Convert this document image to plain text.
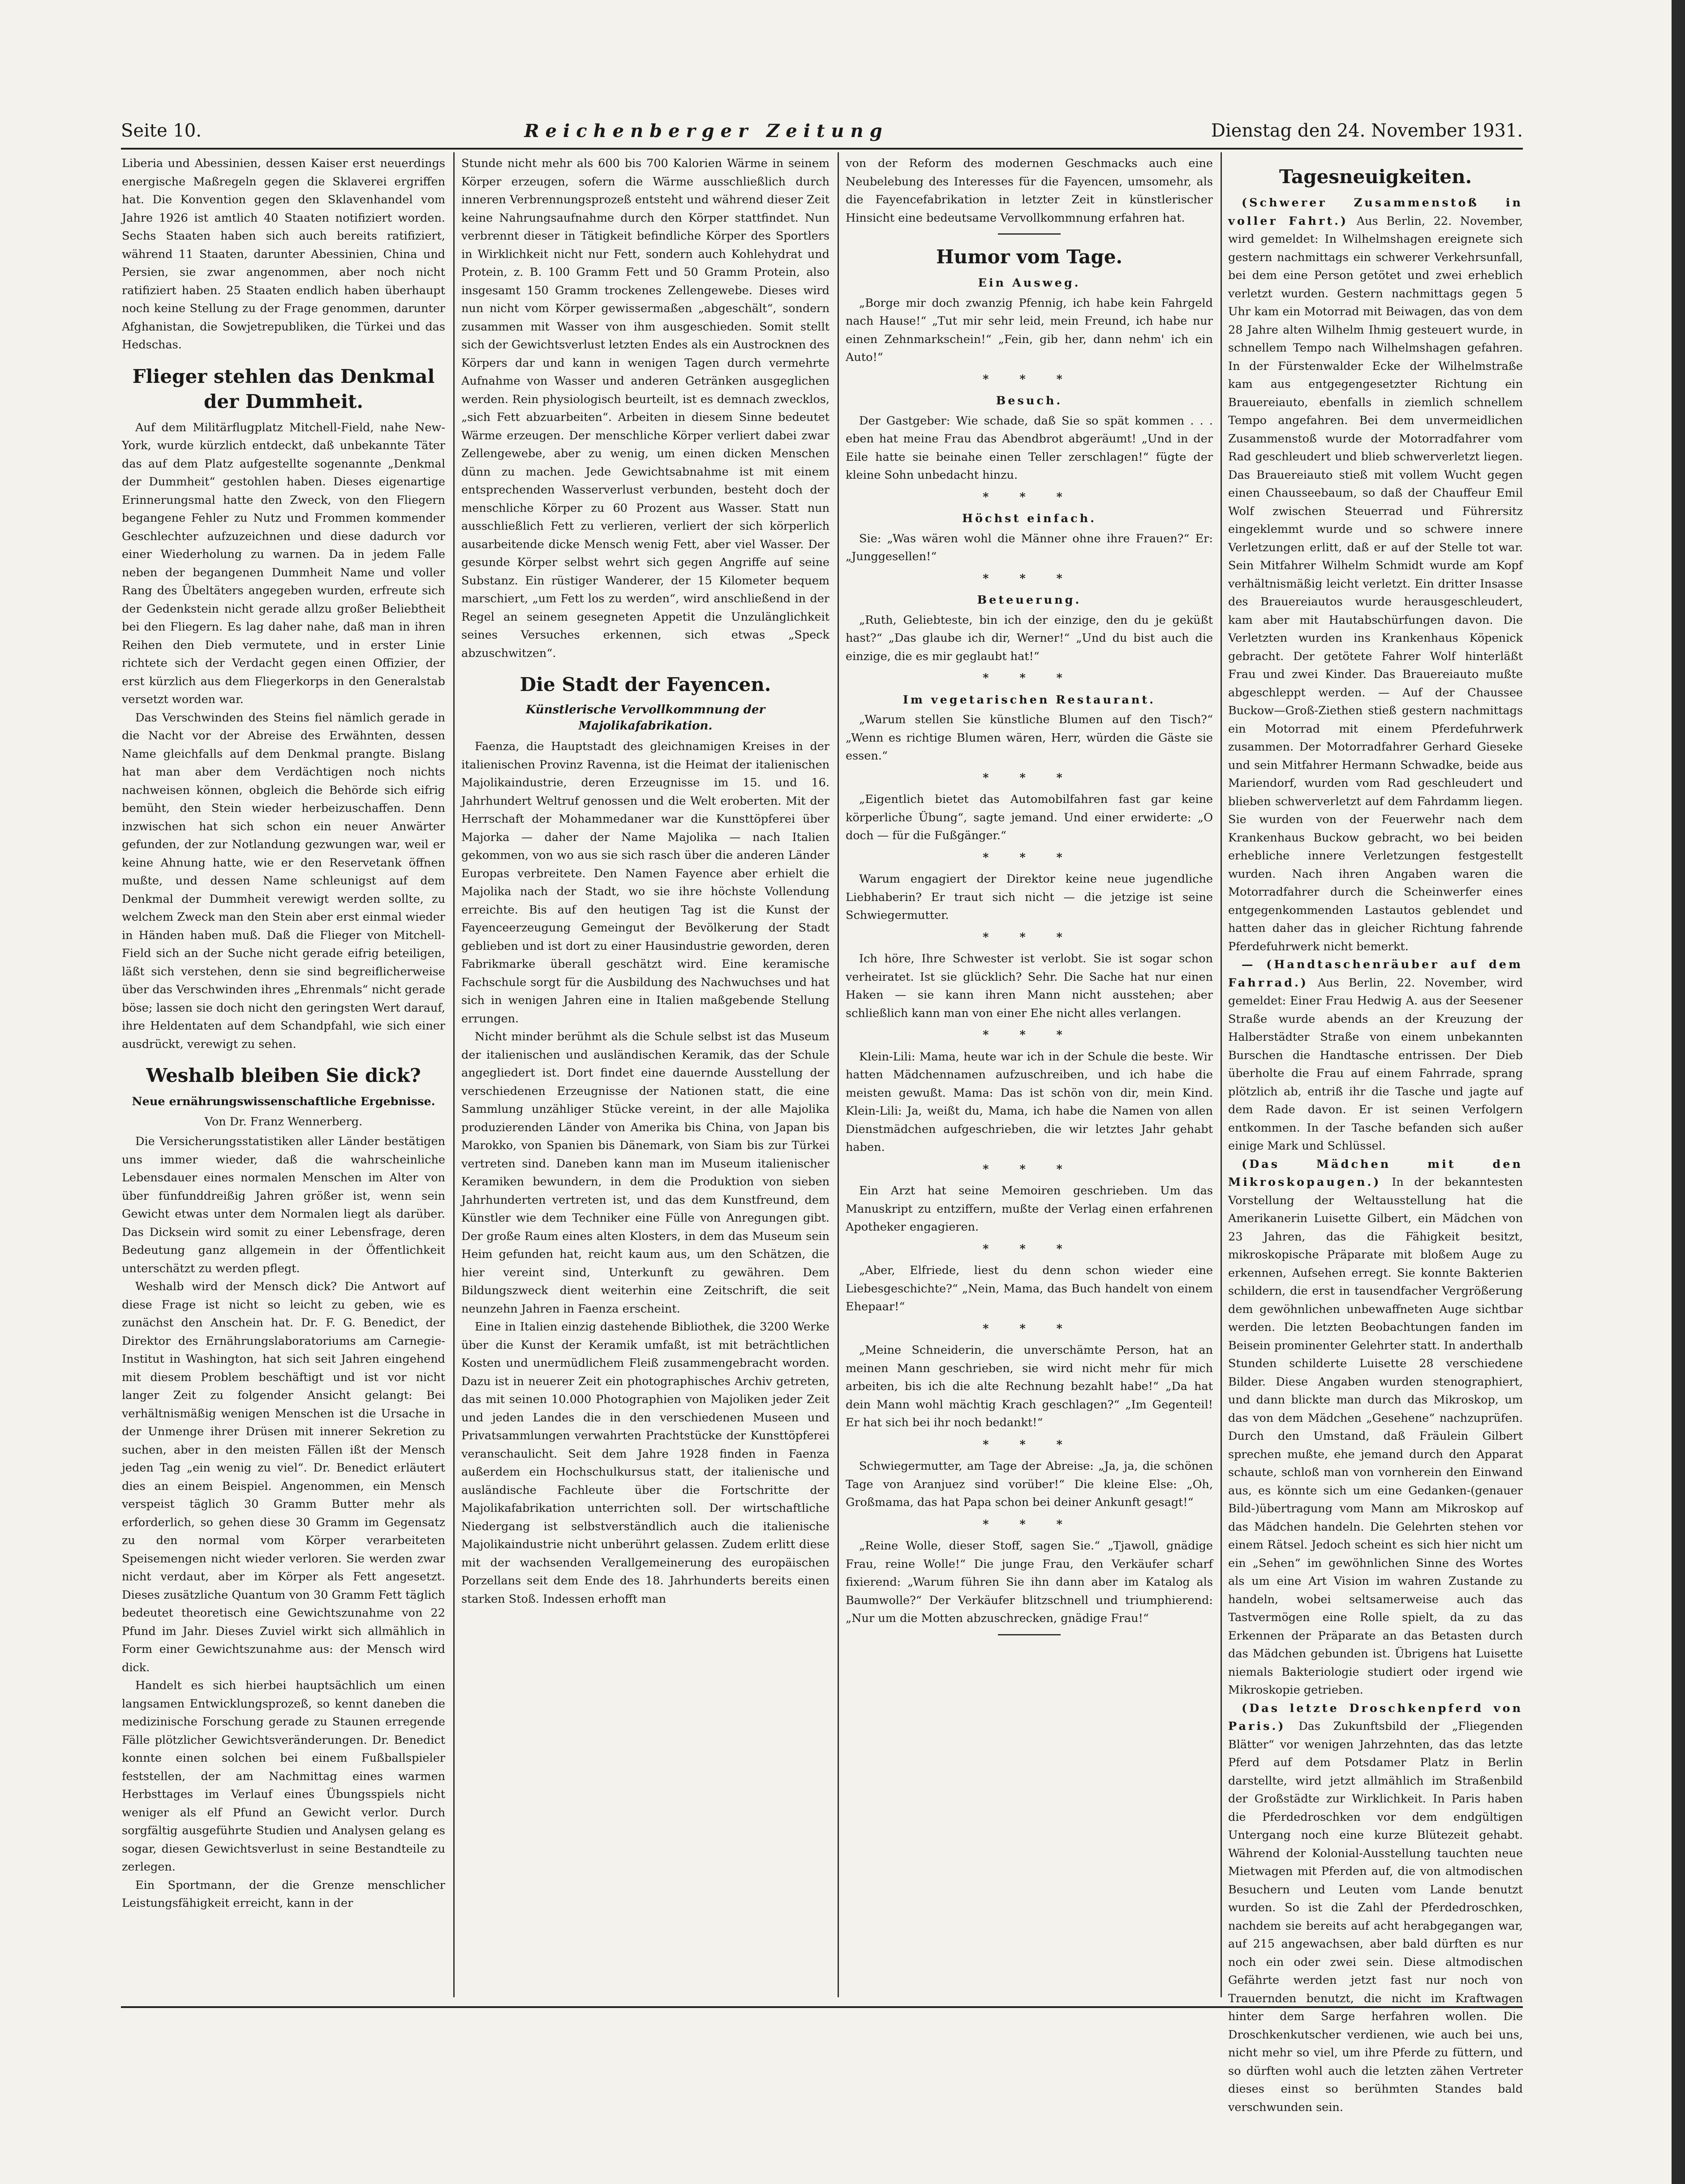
Seite 10.	Reichenberger Zeitung	Dienstag den 24. November 1931.

Liberia und Abessinien, dessen Kaiser erst neuerdings energische Maßregeln gegen die Sklaverei ergriffen hat. Die Konvention gegen den Sklavenhandel vom Jahre 1926 ist amtlich 40 Staaten notifiziert worden. Sechs Staaten haben sich auch bereits ratifiziert, während 11 Staaten, darunter Abessinien, China und Persien, sie zwar angenommen, aber noch nicht ratifiziert haben. 25 Staaten endlich haben überhaupt noch keine Stellung zu der Frage genommen, darunter Afghanistan, die Sowjetrepubliken, die Türkei und das Hedschas.

Flieger stehlen das Denkmal der Dummheit.

Auf dem Militärflugplatz Mitchell-Field, nahe New-York, wurde kürzlich entdeckt, daß unbekannte Täter das auf dem Platz aufgestellte sogenannte „Denkmal der Dummheit“ gestohlen haben. Dieses eigenartige Erinnerungsmal hatte den Zweck, von den Fliegern begangene Fehler zu Nutz und Frommen kommender Geschlechter aufzuzeichnen und diese dadurch vor einer Wiederholung zu warnen. Da in jedem Falle neben der begangenen Dummheit Name und voller Rang des Übeltäters angegeben wurden, erfreute sich der Gedenkstein nicht gerade allzu großer Beliebtheit bei den Fliegern. Es lag daher nahe, daß man in ihren Reihen den Dieb vermutete, und in erster Linie richtete sich der Verdacht gegen einen Offizier, der erst kürzlich aus dem Fliegerkorps in den Generalstab versetzt worden war.

Das Verschwinden des Steins fiel nämlich gerade in die Nacht vor der Abreise des Erwähnten, dessen Name gleichfalls auf dem Denkmal prangte. Bislang hat man aber dem Verdächtigen noch nichts nachweisen können, obgleich die Behörde sich eifrig bemüht, den Stein wieder herbeizuschaffen. Denn inzwischen hat sich schon ein neuer Anwärter gefunden, der zur Notlandung gezwungen war, weil er keine Ahnung hatte, wie er den Reservetank öffnen mußte, und dessen Name schleunigst auf dem Denkmal der Dummheit verewigt werden sollte, zu welchem Zweck man den Stein aber erst einmal wieder in Händen haben muß. Daß die Flieger von Mitchell-Field sich an der Suche nicht gerade eifrig beteiligen, läßt sich verstehen, denn sie sind begreiflicherweise über das Verschwinden ihres „Ehrenmals“ nicht gerade böse; lassen sie doch nicht den geringsten Wert darauf, ihre Heldentaten auf dem Schandpfahl, wie sich einer ausdrückt, verewigt zu sehen.

Weshalb bleiben Sie dick?
Neue ernährungswissenschaftliche Ergebnisse.
Von Dr. Franz Wennerberg.

Die Versicherungsstatistiken aller Länder bestätigen uns immer wieder, daß die wahrscheinliche Lebensdauer eines normalen Menschen im Alter von über fünfunddreißig Jahren größer ist, wenn sein Gewicht etwas unter dem Normalen liegt als darüber. Das Dicksein wird somit zu einer Lebensfrage, deren Bedeutung ganz allgemein in der Öffentlichkeit unterschätzt zu werden pflegt.

Weshalb wird der Mensch dick? Die Antwort auf diese Frage ist nicht so leicht zu geben, wie es zunächst den Anschein hat. Dr. F. G. Benedict, der Direktor des Ernährungslaboratoriums am Carnegie-Institut in Washington, hat sich seit Jahren eingehend mit diesem Problem beschäftigt und ist vor nicht langer Zeit zu folgender Ansicht gelangt: Bei verhältnismäßig wenigen Menschen ist die Ursache in der Unmenge ihrer Drüsen mit innerer Sekretion zu suchen, aber in den meisten Fällen ißt der Mensch jeden Tag „ein wenig zu viel“. Dr. Benedict erläutert dies an einem Beispiel. Angenommen, ein Mensch verspeist täglich 30 Gramm Butter mehr als erforderlich, so gehen diese 30 Gramm im Gegensatz zu den normal vom Körper verarbeiteten Speisemengen nicht wieder verloren. Sie werden zwar nicht verdaut, aber im Körper als Fett angesetzt. Dieses zusätzliche Quantum von 30 Gramm Fett täglich bedeutet theoretisch eine Gewichtszunahme von 22 Pfund im Jahr. Dieses Zuviel wirkt sich allmählich in Form einer Gewichtszunahme aus: der Mensch wird dick.

Handelt es sich hierbei hauptsächlich um einen langsamen Entwicklungsprozeß, so kennt daneben die medizinische Forschung gerade zu Staunen erregende Fälle plötzlicher Gewichtsveränderungen. Dr. Benedict konnte einen solchen bei einem Fußballspieler feststellen, der am Nachmittag eines warmen Herbsttages im Verlauf eines Übungsspiels nicht weniger als elf Pfund an Gewicht verlor. Durch sorgfältig ausgeführte Studien und Analysen gelang es sogar, diesen Gewichtsverlust in seine Bestandteile zu zerlegen.

Ein Sportmann, der die Grenze menschlicher Leistungsfähigkeit erreicht, kann in der

Stunde nicht mehr als 600 bis 700 Kalorien Wärme in seinem Körper erzeugen, sofern die Wärme ausschließlich durch inneren Verbrennungsprozeß entsteht und während dieser Zeit keine Nahrungsaufnahme durch den Körper stattfindet. Nun verbrennt dieser in Tätigkeit befindliche Körper des Sportlers in Wirklichkeit nicht nur Fett, sondern auch Kohlehydrat und Protein, z. B. 100 Gramm Fett und 50 Gramm Protein, also insgesamt 150 Gramm trockenes Zellengewebe. Dieses wird nun nicht vom Körper gewissermaßen „abgeschält“, sondern zusammen mit Wasser von ihm ausgeschieden. Somit stellt sich der Gewichtsverlust letzten Endes als ein Austrocknen des Körpers dar und kann in wenigen Tagen durch vermehrte Aufnahme von Wasser und anderen Getränken ausgeglichen werden. Rein physiologisch beurteilt, ist es demnach zwecklos, „sich Fett abzuarbeiten“. Arbeiten in diesem Sinne bedeutet Wärme erzeugen. Der menschliche Körper verliert dabei zwar Zellengewebe, aber zu wenig, um einen dicken Menschen dünn zu machen. Jede Gewichtsabnahme ist mit einem entsprechenden Wasserverlust verbunden, besteht doch der menschliche Körper zu 60 Prozent aus Wasser. Statt nun ausschließlich Fett zu verlieren, verliert der sich körperlich ausarbeitende dicke Mensch wenig Fett, aber viel Wasser. Der gesunde Körper selbst wehrt sich gegen Angriffe auf seine Substanz. Ein rüstiger Wanderer, der 15 Kilometer bequem marschiert, „um Fett los zu werden“, wird anschließend in der Regel an seinem gesegneten Appetit die Unzulänglichkeit seines Versuches erkennen, sich etwas „Speck abzuschwitzen“.

Die Stadt der Fayencen.
Künstlerische Vervollkommnung der Majolikafabrikation.

Faenza, die Hauptstadt des gleichnamigen Kreises in der italienischen Provinz Ravenna, ist die Heimat der italienischen Majolikaindustrie, deren Erzeugnisse im 15. und 16. Jahrhundert Weltruf genossen und die Welt eroberten. Mit der Herrschaft der Mohammedaner war die Kunsttöpferei über Majorka — daher der Name Majolika — nach Italien gekommen, von wo aus sie sich rasch über die anderen Länder Europas verbreitete. Den Namen Fayence aber erhielt die Majolika nach der Stadt, wo sie ihre höchste Vollendung erreichte. Bis auf den heutigen Tag ist die Kunst der Fayenceerzeugung Gemeingut der Bevölkerung der Stadt geblieben und ist dort zu einer Hausindustrie geworden, deren Fabrikmarke überall geschätzt wird. Eine keramische Fachschule sorgt für die Ausbildung des Nachwuchses und hat sich in wenigen Jahren eine in Italien maßgebende Stellung errungen.

Nicht minder berühmt als die Schule selbst ist das Museum der italienischen und ausländischen Keramik, das der Schule angegliedert ist. Dort findet eine dauernde Ausstellung der verschiedenen Erzeugnisse der Nationen statt, die eine Sammlung unzähliger Stücke vereint, in der alle Majolika produzierenden Länder von Amerika bis China, von Japan bis Marokko, von Spanien bis Dänemark, von Siam bis zur Türkei vertreten sind. Daneben kann man im Museum italienischer Keramiken bewundern, in dem die Produktion von sieben Jahrhunderten vertreten ist, und das dem Kunstfreund, dem Künstler wie dem Techniker eine Fülle von Anregungen gibt. Der große Raum eines alten Klosters, in dem das Museum sein Heim gefunden hat, reicht kaum aus, um den Schätzen, die hier vereint sind, Unterkunft zu gewähren. Dem Bildungszweck dient weiterhin eine Zeitschrift, die seit neunzehn Jahren in Faenza erscheint.

Eine in Italien einzig dastehende Bibliothek, die 3200 Werke über die Kunst der Keramik umfaßt, ist mit beträchtlichen Kosten und unermüdlichem Fleiß zusammengebracht worden. Dazu ist in neuerer Zeit ein photographisches Archiv getreten, das mit seinen 10.000 Photographien von Majoliken jeder Zeit und jeden Landes die in den verschiedenen Museen und Privatsammlungen verwahrten Prachtstücke der Kunsttöpferei veranschaulicht. Seit dem Jahre 1928 finden in Faenza außerdem ein Hochschulkursus statt, der italienische und ausländische Fachleute über die Fortschritte der Majolikafabrikation unterrichten soll. Der wirtschaftliche Niedergang ist selbstverständlich auch die italienische Majolikaindustrie nicht unberührt gelassen. Zudem erlitt diese mit der wachsenden Verallgemeinerung des europäischen Porzellans seit dem Ende des 18. Jahrhunderts bereits einen starken Stoß. Indessen erhofft man

von der Reform des modernen Geschmacks auch eine Neubelebung des Interesses für die Fayencen, umsomehr, als die Fayencefabrikation in letzter Zeit in künstlerischer Hinsicht eine bedeutsame Vervollkommnung erfahren hat.

Humor vom Tage.
Ein Ausweg.

„Borge mir doch zwanzig Pfennig, ich habe kein Fahrgeld nach Hause!“ „Tut mir sehr leid, mein Freund, ich habe nur einen Zehnmarkschein!“ „Fein, gib her, dann nehm' ich ein Auto!“

* * *
Besuch.

Der Gastgeber: Wie schade, daß Sie so spät kommen . . . eben hat meine Frau das Abendbrot abgeräumt! „Und in der Eile hatte sie beinahe einen Teller zerschlagen!“ fügte der kleine Sohn unbedacht hinzu.

* * *
Höchst einfach.

Sie: „Was wären wohl die Männer ohne ihre Frauen?“ Er: „Junggesellen!“

* * *
Beteuerung.

„Ruth, Geliebteste, bin ich der einzige, den du je geküßt hast?“ „Das glaube ich dir, Werner!“ „Und du bist auch die einzige, die es mir geglaubt hat!“

* * *
Im vegetarischen Restaurant.

„Warum stellen Sie künstliche Blumen auf den Tisch?“ „Wenn es richtige Blumen wären, Herr, würden die Gäste sie essen.“

* * *

„Eigentlich bietet das Automobilfahren fast gar keine körperliche Übung“, sagte jemand. Und einer erwiderte: „O doch — für die Fußgänger.“

* * *

Warum engagiert der Direktor keine neue jugendliche Liebhaberin? Er traut sich nicht — die jetzige ist seine Schwiegermutter.

* * *

Ich höre, Ihre Schwester ist verlobt. Sie ist sogar schon verheiratet. Ist sie glücklich? Sehr. Die Sache hat nur einen Haken — sie kann ihren Mann nicht ausstehen; aber schließlich kann man von einer Ehe nicht alles verlangen.

* * *

Klein-Lili: Mama, heute war ich in der Schule die beste. Wir hatten Mädchennamen aufzuschreiben, und ich habe die meisten gewußt. Mama: Das ist schön von dir, mein Kind. Klein-Lili: Ja, weißt du, Mama, ich habe die Namen von allen Dienstmädchen aufgeschrieben, die wir letztes Jahr gehabt haben.

* * *

Ein Arzt hat seine Memoiren geschrieben. Um das Manuskript zu entziffern, mußte der Verlag einen erfahrenen Apotheker engagieren.

* * *

„Aber, Elfriede, liest du denn schon wieder eine Liebesgeschichte?“ „Nein, Mama, das Buch handelt von einem Ehepaar!“

* * *

„Meine Schneiderin, die unverschämte Person, hat an meinen Mann geschrieben, sie wird nicht mehr für mich arbeiten, bis ich die alte Rechnung bezahlt habe!“ „Da hat dein Mann wohl mächtig Krach geschlagen?“ „Im Gegenteil! Er hat sich bei ihr noch bedankt!“

* * *

Schwiegermutter, am Tage der Abreise: „Ja, ja, die schönen Tage von Aranjuez sind vorüber!“ Die kleine Else: „Oh, Großmama, das hat Papa schon bei deiner Ankunft gesagt!“

* * *

„Reine Wolle, dieser Stoff, sagen Sie.“ „Tjawoll, gnädige Frau, reine Wolle!“ Die junge Frau, den Verkäufer scharf fixierend: „Warum führen Sie ihn dann aber im Katalog als Baumwolle?“ Der Verkäufer blitzschnell und triumphierend: „Nur um die Motten abzuschrecken, gnädige Frau!“

Tagesneuigkeiten.

(Schwerer Zusammenstoß in voller Fahrt.) Aus Berlin, 22. November, wird gemeldet: In Wilhelmshagen ereignete sich gestern nachmittags ein schwerer Verkehrsunfall, bei dem eine Person getötet und zwei erheblich verletzt wurden. Gestern nachmittags gegen 5 Uhr kam ein Motorrad mit Beiwagen, das von dem 28 Jahre alten Wilhelm Ihmig gesteuert wurde, in schnellem Tempo nach Wilhelmshagen gefahren. In der Fürstenwalder Ecke der Wilhelmstraße kam aus entgegengesetzter Richtung ein Brauereiauto, ebenfalls in ziemlich schnellem Tempo angefahren. Bei dem unvermeidlichen Zusammenstoß wurde der Motorradfahrer vom Rad geschleudert und blieb schwerverletzt liegen. Das Brauereiauto stieß mit vollem Wucht gegen einen Chausseebaum, so daß der Chauffeur Emil Wolf zwischen Steuerrad und Führersitz eingeklemmt wurde und so schwere innere Verletzungen erlitt, daß er auf der Stelle tot war. Sein Mitfahrer Wilhelm Schmidt wurde am Kopf verhältnismäßig leicht verletzt. Ein dritter Insasse des Brauereiautos wurde herausgeschleudert, kam aber mit Hautabschürfungen davon. Die Verletzten wurden ins Krankenhaus Köpenick gebracht. Der getötete Fahrer Wolf hinterläßt Frau und zwei Kinder. Das Brauereiauto mußte abgeschleppt werden. — Auf der Chaussee Buckow—Groß-Ziethen stieß gestern nachmittags ein Motorrad mit einem Pferdefuhrwerk zusammen. Der Motorradfahrer Gerhard Gieseke und sein Mitfahrer Hermann Schwadke, beide aus Mariendorf, wurden vom Rad geschleudert und blieben schwerverletzt auf dem Fahrdamm liegen. Sie wurden von der Feuerwehr nach dem Krankenhaus Buckow gebracht, wo bei beiden erhebliche innere Verletzungen festgestellt wurden. Nach ihren Angaben waren die Motorradfahrer durch die Scheinwerfer eines entgegenkommenden Lastautos geblendet und hatten daher das in gleicher Richtung fahrende Pferdefuhrwerk nicht bemerkt.

— (Handtaschenräuber auf dem Fahrrad.) Aus Berlin, 22. November, wird gemeldet: Einer Frau Hedwig A. aus der Seesener Straße wurde abends an der Kreuzung der Halberstädter Straße von einem unbekannten Burschen die Handtasche entrissen. Der Dieb überholte die Frau auf einem Fahrrade, sprang plötzlich ab, entriß ihr die Tasche und jagte auf dem Rade davon. Er ist seinen Verfolgern entkommen. In der Tasche befanden sich außer einige Mark und Schlüssel.

(Das Mädchen mit den Mikroskopaugen.) In der bekanntesten Vorstellung der Weltausstellung hat die Amerikanerin Luisette Gilbert, ein Mädchen von 23 Jahren, das die Fähigkeit besitzt, mikroskopische Präparate mit bloßem Auge zu erkennen, Aufsehen erregt. Sie konnte Bakterien schildern, die erst in tausendfacher Vergrößerung dem gewöhnlichen unbewaffneten Auge sichtbar werden. Die letzten Beobachtungen fanden im Beisein prominenter Gelehrter statt. In anderthalb Stunden schilderte Luisette 28 verschiedene Bilder. Diese Angaben wurden stenographiert, und dann blickte man durch das Mikroskop, um das von dem Mädchen „Gesehene“ nachzuprüfen. Durch den Umstand, daß Fräulein Gilbert sprechen mußte, ehe jemand durch den Apparat schaute, schloß man von vornherein den Einwand aus, es könnte sich um eine Gedanken-(genauer Bild-)übertragung vom Mann am Mikroskop auf das Mädchen handeln. Die Gelehrten stehen vor einem Rätsel. Jedoch scheint es sich hier nicht um ein „Sehen“ im gewöhnlichen Sinne des Wortes als um eine Art Vision im wahren Zustande zu handeln, wobei seltsamerweise auch das Tastvermögen eine Rolle spielt, da zu das Erkennen der Präparate an das Betasten durch das Mädchen gebunden ist. Übrigens hat Luisette niemals Bakteriologie studiert oder irgend wie Mikroskopie getrieben.

(Das letzte Droschkenpferd von Paris.) Das Zukunftsbild der „Fliegenden Blätter“ vor wenigen Jahrzehnten, das das letzte Pferd auf dem Potsdamer Platz in Berlin darstellte, wird jetzt allmählich im Straßenbild der Großstädte zur Wirklichkeit. In Paris haben die Pferdedroschken vor dem endgültigen Untergang noch eine kurze Blütezeit gehabt. Während der Kolonial-Ausstellung tauchten neue Mietwagen mit Pferden auf, die von altmodischen Besuchern und Leuten vom Lande benutzt wurden. So ist die Zahl der Pferdedroschken, nachdem sie bereits auf acht herabgegangen war, auf 215 angewachsen, aber bald dürften es nur noch ein oder zwei sein. Diese altmodischen Gefährte werden jetzt fast nur noch von Trauernden benutzt, die nicht im Kraftwagen hinter dem Sarge herfahren wollen. Die Droschkenkutscher verdienen, wie auch bei uns, nicht mehr so viel, um ihre Pferde zu füttern, und so dürften wohl auch die letzten zähen Vertreter dieses einst so berühmten Standes bald verschwunden sein.
